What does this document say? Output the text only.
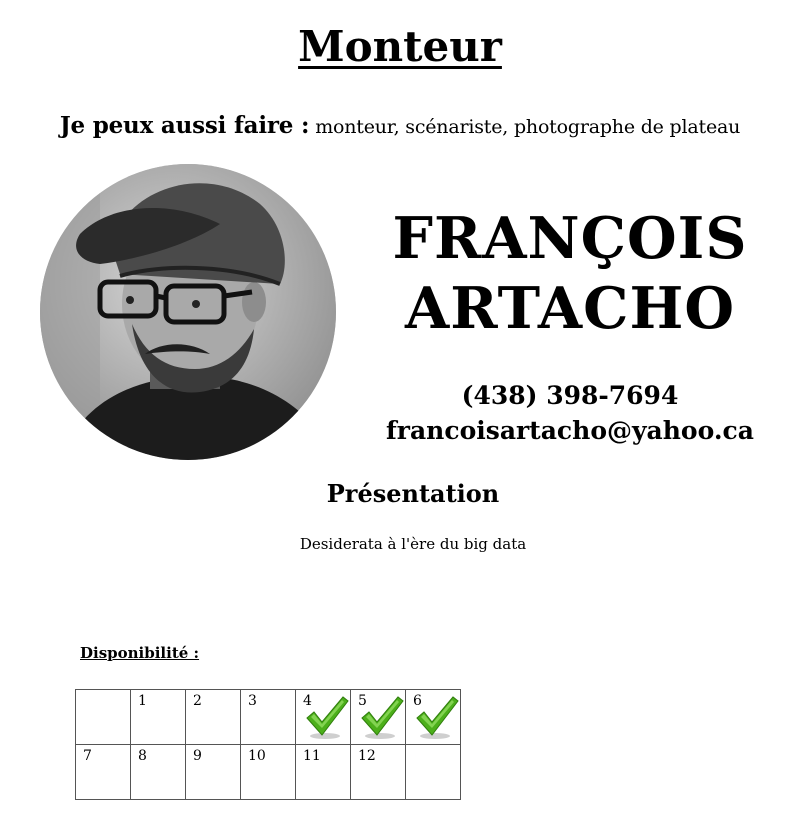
Monteur
Je peux aussi faire : monteur, scénariste, photographe de plateau
FRANÇOIS
ARTACHO
(438) 398-7694
francoisartacho@yahoo.ca
Présentation
Desiderata à l'ère du big data
Disponibilité :

	1	2	3	4	5	6

7	8	9	10	11	12	
